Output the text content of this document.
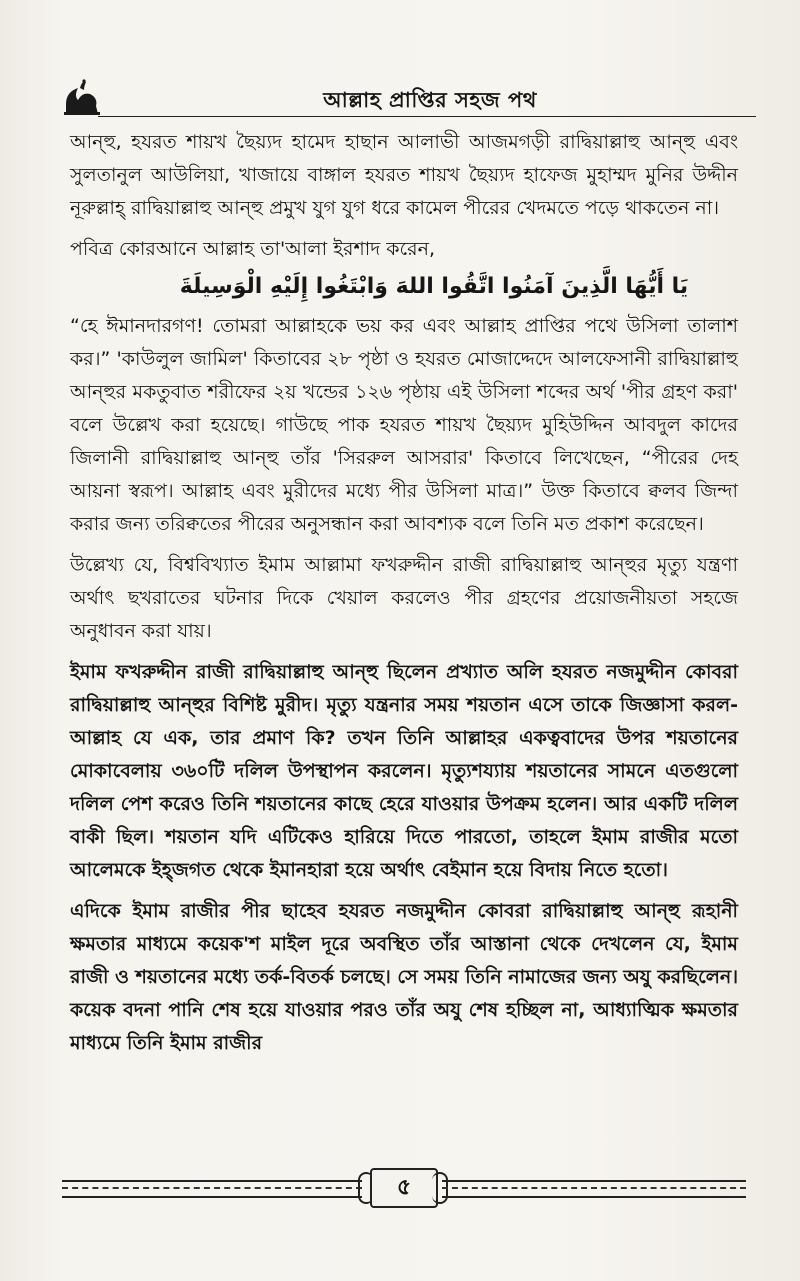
আল্লাহ প্রাপ্তির সহজ পথ

আন্‌হু, হযরত শায়খ ছৈয়্যদ হামেদ হাছান আলাভী আজমগড়ী রাদ্বিয়াল্লাহু আন্‌হু এবং সুলতানুল আউলিয়া, খাজায়ে বাঙ্গাল হযরত শায়খ ছৈয়্যদ হাফেজ মুহাম্মদ মুনির উদ্দীন নূরুল্লাহ্ রাদ্বিয়াল্লাহু আন্‌হু প্রমুখ যুগ যুগ ধরে কামেল পীরের খেদমতে পড়ে থাকতেন না।

পবিত্র কোরআনে আল্লাহ তা'আলা ইরশাদ করেন,

يَا أَيُّهَا الَّذِينَ آمَنُوا اتَّقُوا اللهَ وَابْتَغُوا إِلَيْهِ الْوَسِيلَةَ

“হে ঈমানদারগণ! তোমরা আল্লাহকে ভয় কর এবং আল্লাহ প্রাপ্তির পথে উসিলা তালাশ কর।” 'কাউলুল জামিল' কিতাবের ২৮ পৃষ্ঠা ও হযরত মোজাদ্দেদে আলফেসানী রাদ্বিয়াল্লাহু আন্‌হুর মকতুবাত শরীফের ২য় খন্ডের ১২৬ পৃষ্ঠায় এই উসিলা শব্দের অর্থ 'পীর গ্রহণ করা' বলে উল্লেখ করা হয়েছে। গাউছে পাক হযরত শায়খ ছৈয়্যদ মুহিউদ্দিন আবদুল কাদের জিলানী রাদ্বিয়াল্লাহু আন্‌হু তাঁর 'সিররুল আসরার' কিতাবে লিখেছেন, “পীরের দেহ আয়না স্বরূপ। আল্লাহ এবং মুরীদের মধ্যে পীর উসিলা মাত্র।” উক্ত কিতাবে ক্বলব জিন্দা করার জন্য তরিক্বতের পীরের অনুসন্ধান করা আবশ্যক বলে তিনি মত প্রকাশ করেছেন।

উল্লেখ্য যে, বিশ্ববিখ্যাত ইমাম আল্লামা ফখরুদ্দীন রাজী রাদ্বিয়াল্লাহু আন্‌হুর মৃত্যু যন্ত্রণা অর্থাৎ ছখরাতের ঘটনার দিকে খেয়াল করলেও পীর গ্রহণের প্রয়োজনীয়তা সহজে অনুধাবন করা যায়।

ইমাম ফখরুদ্দীন রাজী রাদ্বিয়াল্লাহু আন্‌হু ছিলেন প্রখ্যাত অলি হযরত নজমুদ্দীন কোবরা রাদ্বিয়াল্লাহু আন্‌হুর বিশিষ্ট মুরীদ। মৃত্যু যন্ত্রনার সময় শয়তান এসে তাকে জিজ্ঞাসা করল- আল্লাহ যে এক, তার প্রমাণ কি? তখন তিনি আল্লাহর একত্ববাদের উপর শয়তানের মোকাবেলায় ৩৬০টি দলিল উপস্থাপন করলেন। মৃত্যুশয্যায় শয়তানের সামনে এতগুলো দলিল পেশ করেও তিনি শয়তানের কাছে হেরে যাওয়ার উপক্রম হলেন। আর একটি দলিল বাকী ছিল। শয়তান যদি এটিকেও হারিয়ে দিতে পারতো, তাহলে ইমাম রাজীর মতো আলেমকে ইহ্জগত থেকে ইমানহারা হয়ে অর্থাৎ বেইমান হয়ে বিদায় নিতে হতো।

এদিকে ইমাম রাজীর পীর ছাহেব হযরত নজমুদ্দীন কোবরা রাদ্বিয়াল্লাহু আন্‌হু রূহানী ক্ষমতার মাধ্যমে কয়েক'শ মাইল দূরে অবস্থিত তাঁর আস্তানা থেকে দেখলেন যে, ইমাম রাজী ও শয়তানের মধ্যে তর্ক-বিতর্ক চলছে। সে সময় তিনি নামাজের জন্য অযু করছিলেন। কয়েক বদনা পানি শেষ হয়ে যাওয়ার পরও তাঁর অযু শেষ হচ্ছিল না, আধ্যাত্মিক ক্ষমতার মাধ্যমে তিনি ইমাম রাজীর

৫
